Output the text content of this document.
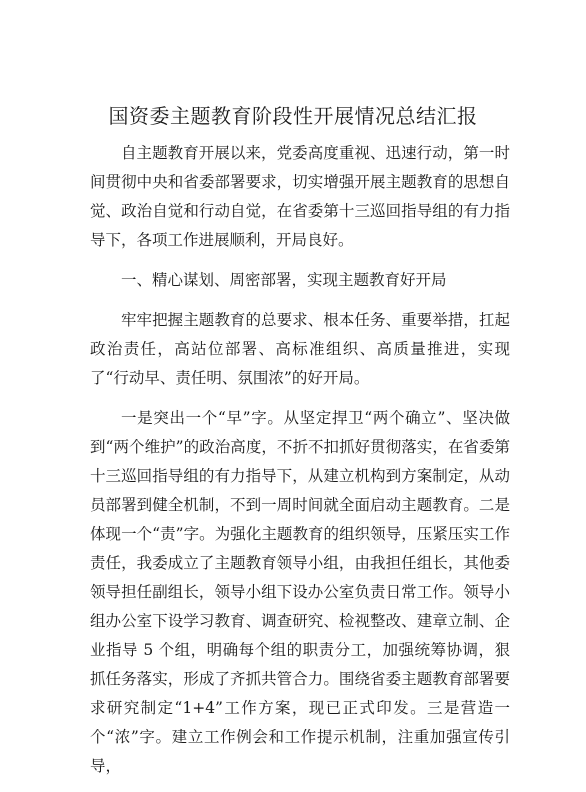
国资委主题教育阶段性开展情况总结汇报

自主题教育开展以来，党委高度重视、迅速行动，第一时间贯彻中央和省委部署要求，切实增强开展主题教育的思想自觉、政治自觉和行动自觉，在省委第十三巡回指导组的有力指导下，各项工作进展顺利，开局良好。

一、精心谋划、周密部署，实现主题教育好开局

牢牢把握主题教育的总要求、根本任务、重要举措，扛起政治责任，高站位部署、高标准组织、高质量推进，实现了“行动早、责任明、氛围浓”的好开局。

一是突出一个“早”字。从坚定捍卫“两个确立”、坚决做到“两个维护”的政治高度，不折不扣抓好贯彻落实，在省委第十三巡回指导组的有力指导下，从建立机构到方案制定，从动员部署到健全机制，不到一周时间就全面启动主题教育。二是体现一个“责”字。为强化主题教育的组织领导，压紧压实工作责任，我委成立了主题教育领导小组，由我担任组长，其他委领导担任副组长，领导小组下设办公室负责日常工作。领导小组办公室下设学习教育、调查研究、检视整改、建章立制、企业指导 5 个组，明确每个组的职责分工，加强统筹协调，狠抓任务落实，形成了齐抓共管合力。围绕省委主题教育部署要求研究制定“1+4”工作方案，现已正式印发。三是营造一个“浓”字。建立工作例会和工作提示机制，注重加强宣传引导，
